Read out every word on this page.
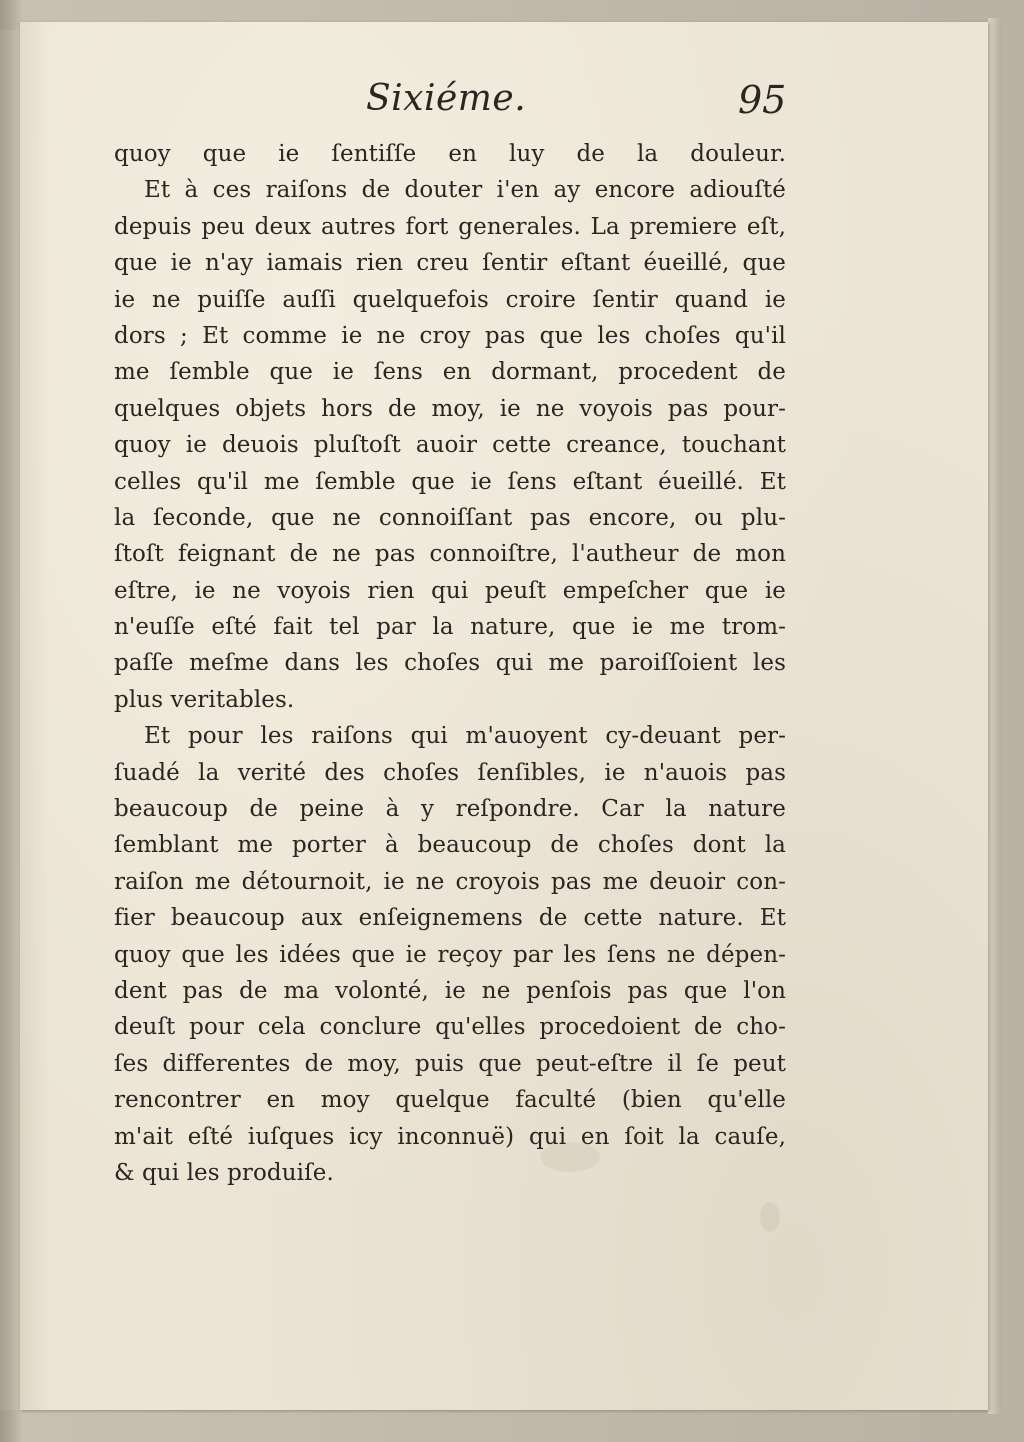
Sixiéme.	95
quoy que ie ſentiſſe en luy de la douleur.
Et à ces raiſons de douter i'en ay encore adiouſté
depuis peu deux autres fort generales. La premiere eſt,
que ie n'ay iamais rien creu ſentir eſtant éueillé, que
ie ne puiſſe auſſi quelquefois croire ſentir quand ie
dors ; Et comme ie ne croy pas que les choſes qu'il
me ſemble que ie ſens en dormant, procedent de
quelques objets hors de moy, ie ne voyois pas pour-
quoy ie deuois pluſtoſt auoir cette creance, touchant
celles qu'il me ſemble que ie ſens eſtant éueillé. Et
la ſeconde, que ne connoiſſant pas encore, ou plu-
ſtoſt feignant de ne pas connoiſtre, l'autheur de mon
eſtre, ie ne voyois rien qui peuſt empeſcher que ie
n'euſſe eſté fait tel par la nature, que ie me trom-
paſſe meſme dans les choſes qui me paroiſſoient les
plus veritables.
Et pour les raiſons qui m'auoyent cy-deuant per-
ſuadé la verité des choſes ſenſibles, ie n'auois pas
beaucoup de peine à y reſpondre. Car la nature
ſemblant me porter à beaucoup de choſes dont la
raiſon me détournoit, ie ne croyois pas me deuoir con-
fier beaucoup aux enſeignemens de cette nature. Et
quoy que les idées que ie reçoy par les ſens ne dépen-
dent pas de ma volonté, ie ne penſois pas que l'on
deuſt pour cela conclure qu'elles procedoient de cho-
ſes differentes de moy, puis que peut-eſtre il ſe peut
rencontrer en moy quelque faculté (bien qu'elle
m'ait eſté iuſques icy inconnuë) qui en ſoit la cauſe,
& qui les produiſe.
